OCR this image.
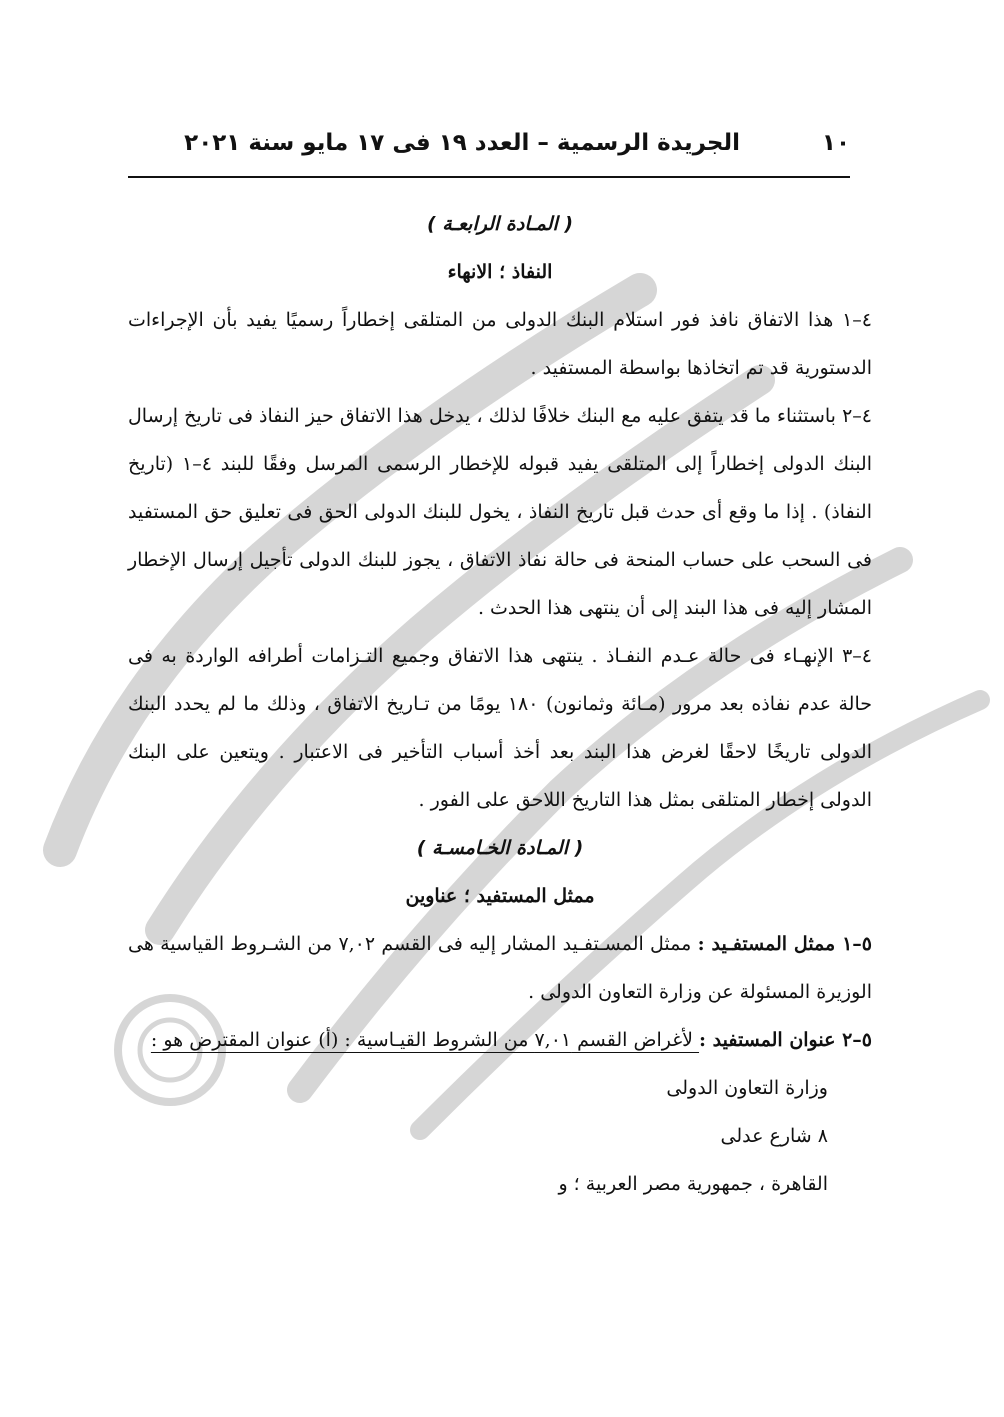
١٠
الجريدة الرسمية – العدد ١٩ فى ١٧ مايو سنة ٢٠٢١

( المـادة الرابعـة )

النفاذ ؛ الانهاء

٤–١ هذا الاتفاق نافذ فور استلام البنك الدولى من المتلقى إخطاراً رسميًا يفيد بأن الإجراءات الدستورية قد تم اتخاذها بواسطة المستفيد .

٤–٢ باستثناء ما قد يتفق عليه مع البنك خلافًا لذلك ، يدخل هذا الاتفاق حيز النفاذ فى تاريخ إرسال البنك الدولى إخطاراً إلى المتلقى يفيد قبوله للإخطار الرسمى المرسل وفقًا للبند ٤–١ (تاريخ النفاذ) . إذا ما وقع أى حدث قبل تاريخ النفاذ ، يخول للبنك الدولى الحق فى تعليق حق المستفيد فى السحب على حساب المنحة فى حالة نفاذ الاتفاق ، يجوز للبنك الدولى تأجيل إرسال الإخطار المشار إليه فى هذا البند إلى أن ينتهى هذا الحدث .

٤–٣ الإنهـاء فى حالة عـدم النفـاذ . ينتهى هذا الاتفاق وجميع التـزامات أطرافه الواردة به فى حالة عدم نفاذه بعد مرور (مـائة وثمانون) ١٨٠ يومًا من تـاريخ الاتفاق ، وذلك ما لم يحدد البنك الدولى تاريخًا لاحقًا لغرض هذا البند بعد أخذ أسباب التأخير فى الاعتبار . ويتعين على البنك الدولى إخطار المتلقى بمثل هذا التاريخ اللاحق على الفور .

( المـادة الخـامسـة )

ممثل المستفيد ؛ عناوين

٥–١ ممثل المستفـيد : ممثل المسـتفـيد المشار إليه فى القسم ٧,٠٢ من الشـروط القياسية هى الوزيرة المسئولة عن وزارة التعاون الدولى .

٥–٢ عنوان المستفيد : لأغراض القسم ٧,٠١ من الشروط القيـاسية : (أ) عنوان المقترض هو :

وزارة التعاون الدولى

٨ شارع عدلى

القاهرة ، جمهورية مصر العربية ؛ و
